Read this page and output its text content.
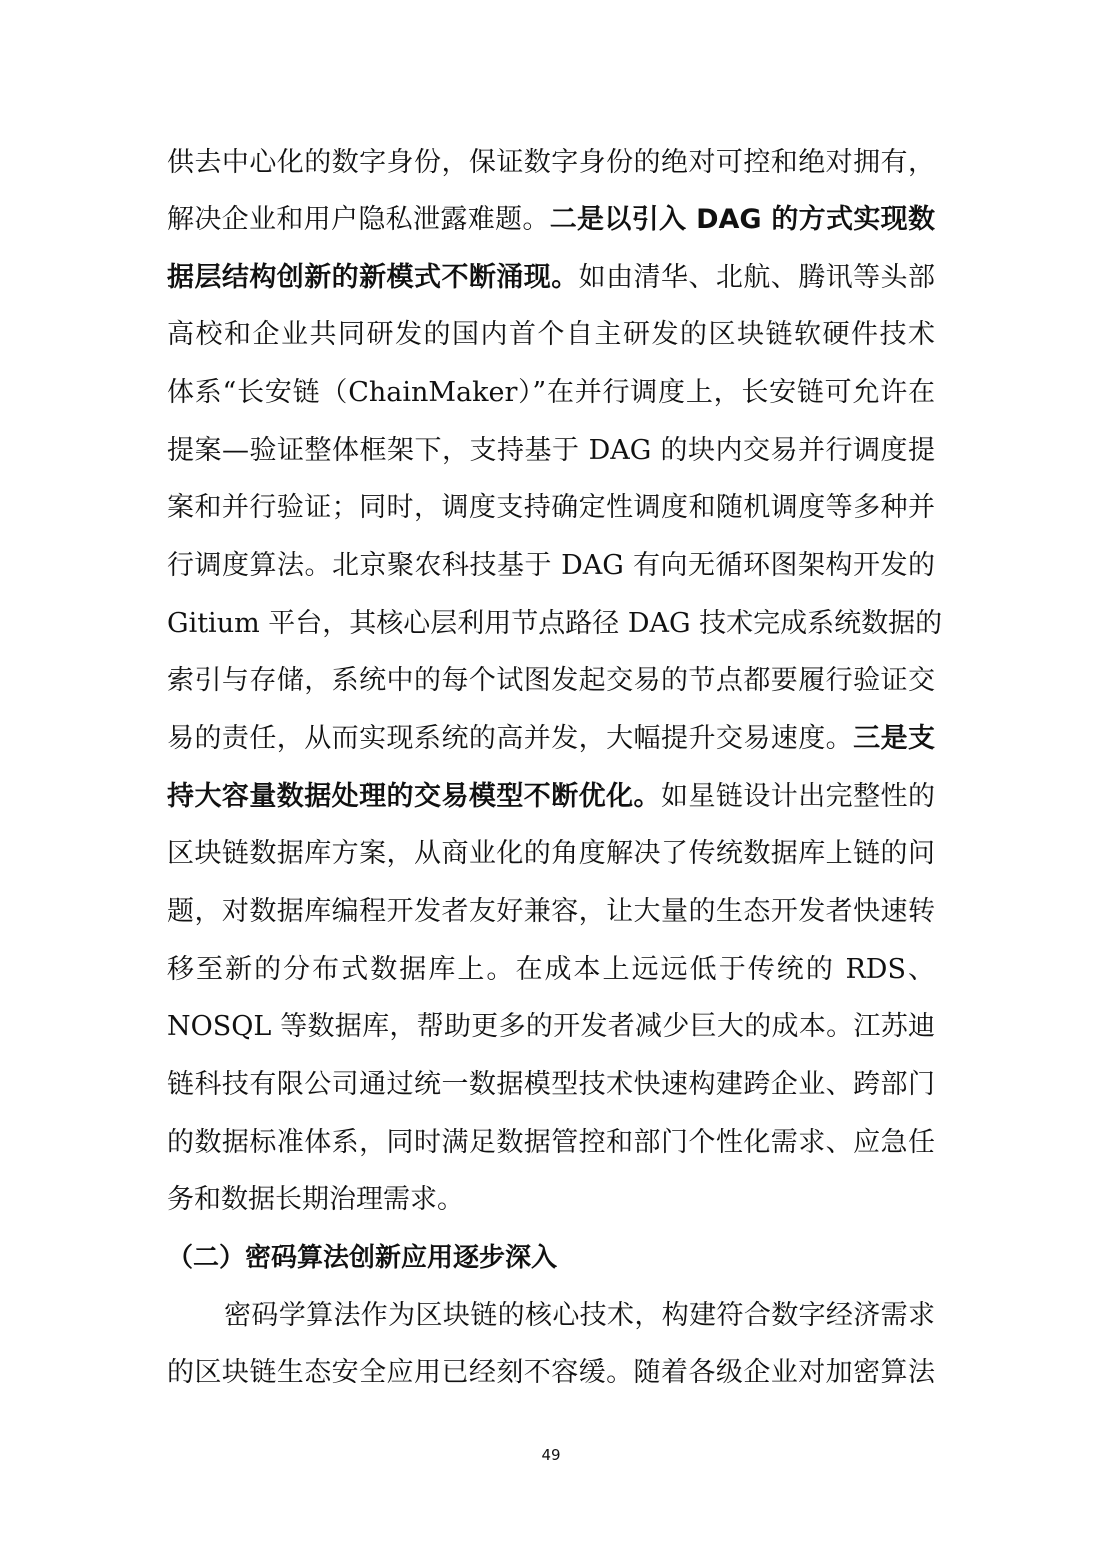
供去中心化的数字身份，保证数字身份的绝对可控和绝对拥有，
解决企业和用户隐私泄露难题。二是以引入 DAG 的方式实现数
据层结构创新的新模式不断涌现。如由清华、北航、腾讯等头部
高校和企业共同研发的国内首个自主研发的区块链软硬件技术
体系“长安链（ChainMaker）”在并行调度上，长安链可允许在
提案—验证整体框架下，支持基于 DAG 的块内交易并行调度提
案和并行验证；同时，调度支持确定性调度和随机调度等多种并
行调度算法。北京聚农科技基于 DAG 有向无循环图架构开发的
Gitium 平台，其核心层利用节点路径 DAG 技术完成系统数据的
索引与存储，系统中的每个试图发起交易的节点都要履行验证交
易的责任，从而实现系统的高并发，大幅提升交易速度。三是支
持大容量数据处理的交易模型不断优化。如星链设计出完整性的
区块链数据库方案，从商业化的角度解决了传统数据库上链的问
题，对数据库编程开发者友好兼容，让大量的生态开发者快速转
移至新的分布式数据库上。在成本上远远低于传统的 RDS、
NOSQL 等数据库，帮助更多的开发者减少巨大的成本。江苏迪
链科技有限公司通过统一数据模型技术快速构建跨企业、跨部门
的数据标准体系，同时满足数据管控和部门个性化需求、应急任
务和数据长期治理需求。
（二）密码算法创新应用逐步深入
密码学算法作为区块链的核心技术，构建符合数字经济需求
的区块链生态安全应用已经刻不容缓。随着各级企业对加密算法
49
